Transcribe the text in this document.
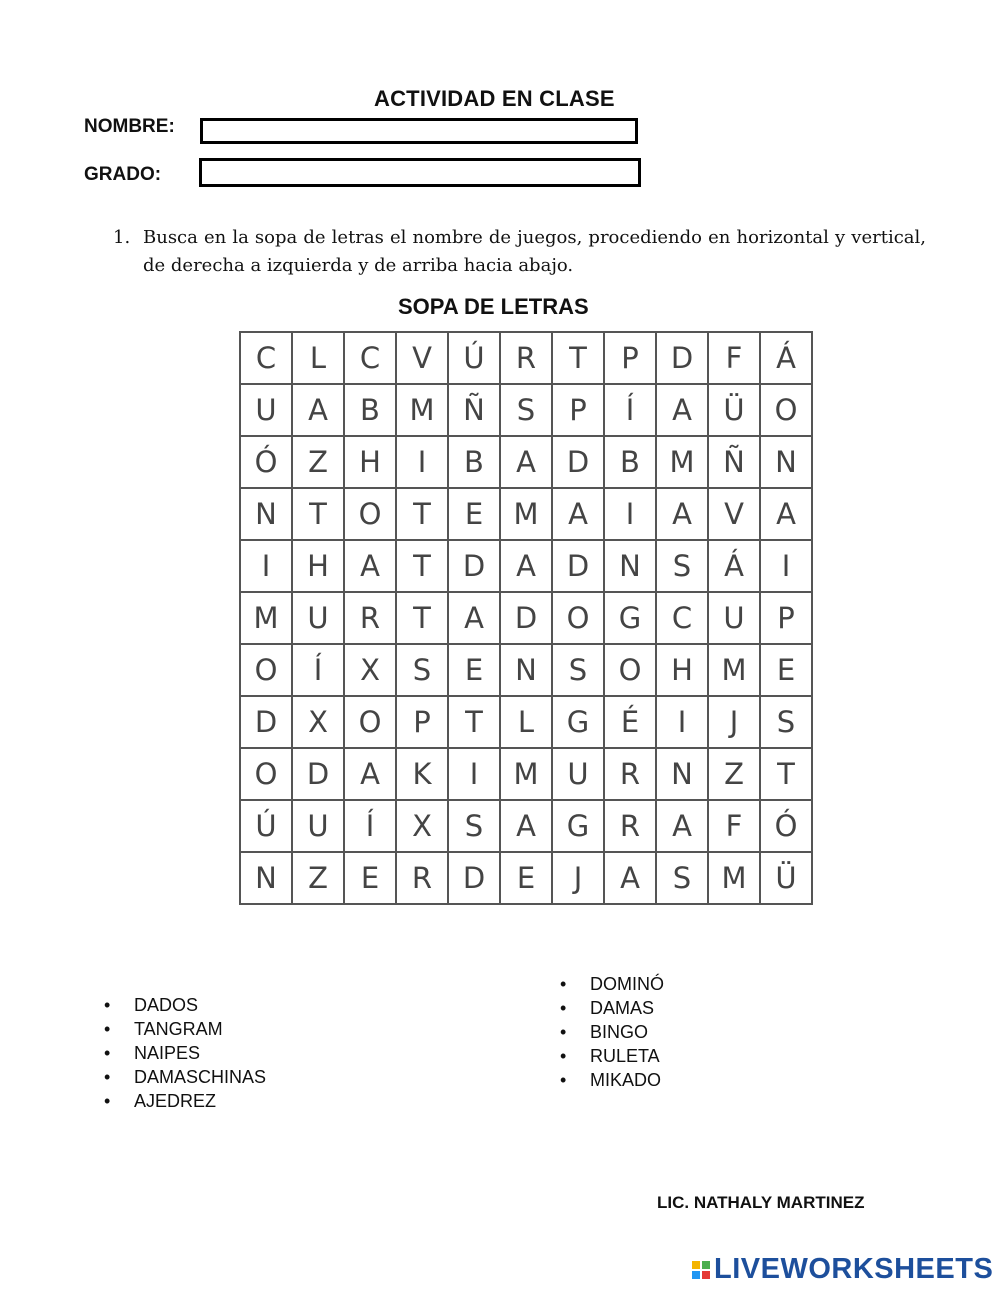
ACTIVIDAD EN CLASE
NOMBRE:
GRADO:
1. Busca en la sopa de letras el nombre de juegos, procediendo en horizontal y vertical, de derecha a izquierda y de arriba hacia abajo.
SOPA DE LETRAS
C	L	C	V	Ú	R	T	P	D	F	Á
U	A	B	M	Ñ	S	P	Í	A	Ü	O
Ó	Z	H	I	B	A	D	B	M	Ñ	N
N	T	O	T	E	M	A	I	A	V	A
I	H	A	T	D	A	D	N	S	Á	I
M	U	R	T	A	D	O	G	C	U	P
O	Í	X	S	E	N	S	O	H	M	E
D	X	O	P	T	L	G	É	I	J	S
O	D	A	K	I	M	U	R	N	Z	T
Ú	U	Í	X	S	A	G	R	A	F	Ó
N	Z	E	R	D	E	J	A	S	M	Ü
• DADOS
• TANGRAM
• NAIPES
• DAMASCHINAS
• AJEDREZ
• DOMINÓ
• DAMAS
• BINGO
• RULETA
• MIKADO
LIC. NATHALY MARTINEZ
LIVEWORKSHEETS
